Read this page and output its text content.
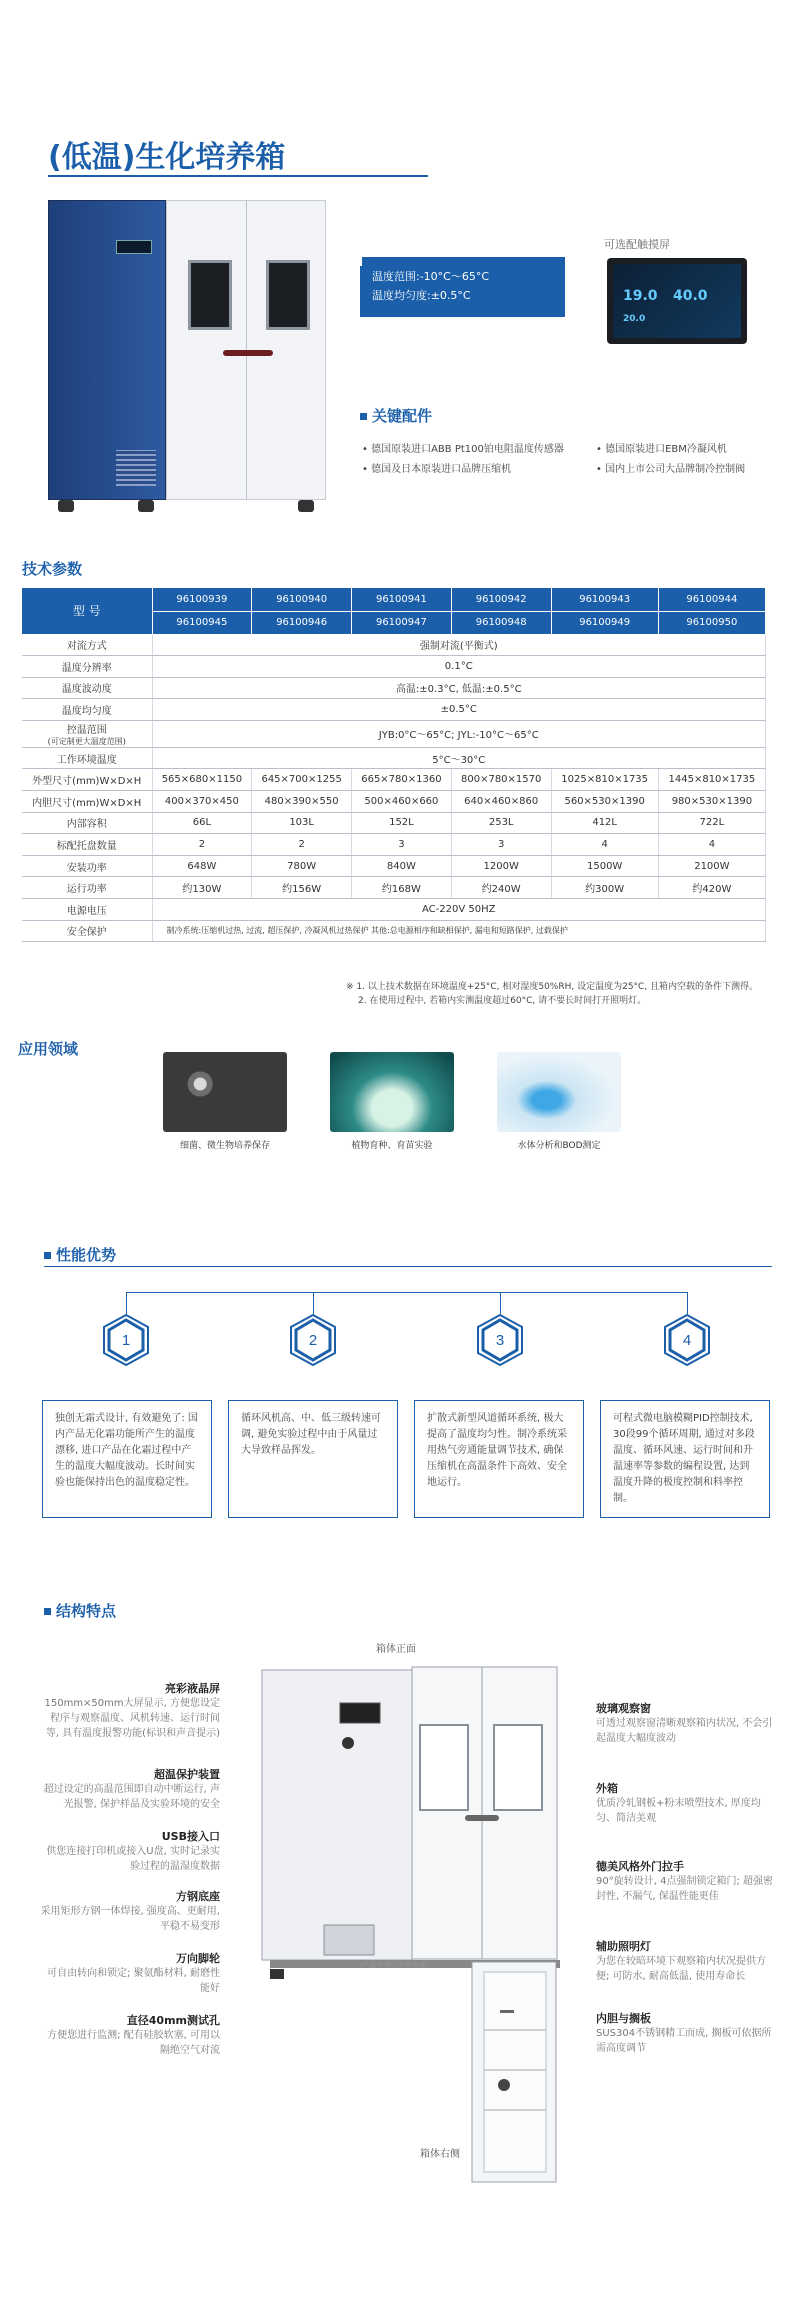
(低温)生化培养箱
温度范围:-10°C～65°C
温度均匀度:±0.5°C
可选配触摸屏
19.0 40.0
20.0
关键配件
• 德国原装进口ABB Pt100铂电阻温度传感器	• 德国原装进口EBM冷凝风机
• 德国及日本原装进口品牌压缩机	• 国内上市公司大品牌制冷控制阀
技术参数
型 号	96100939	96100940	96100941	96100942	96100943	96100944
	96100945	96100946	96100947	96100948	96100949	96100950
对流方式	强制对流(平衡式)					
温度分辨率	0.1°C					
温度波动度	高温:±0.3°C, 低温:±0.5°C					
温度均匀度	±0.5°C					
控温范围
(可定制更大温度范围)	JYB:0°C～65°C; JYL:-10°C～65°C					
工作环境温度	5°C～30°C					
外型尺寸(mm)W×D×H	565×680×1150	645×700×1255	665×780×1360	800×780×1570	1025×810×1735	1445×810×1735
内胆尺寸(mm)W×D×H	400×370×450	480×390×550	500×460×660	640×460×860	560×530×1390	980×530×1390
内部容积	66L	103L	152L	253L	412L	722L
标配托盘数量	2	2	3	3	4	4
安装功率	648W	780W	840W	1200W	1500W	2100W
运行功率	约130W	约156W	约168W	约240W	约300W	约420W
电源电压	AC-220V 50HZ					
安全保护	制冷系统:压缩机过热, 过流, 超压保护, 冷凝风机过热保护 其他:总电源相序和缺相保护, 漏电和短路保护, 过载保护					
※ 1. 以上技术数据在环境温度+25°C, 相对湿度50%RH, 设定温度为25°C, 且箱内空载的条件下测得。
2. 在使用过程中, 若箱内实测温度超过60°C, 请不要长时间打开照明灯。
应用领域
细菌、微生物培养保存	植物育种、育苗实验	水体分析和BOD测定
性能优势
1
独创无霜式设计, 有效避免了: 国内产品无化霜功能所产生的温度漂移, 进口产品在化霜过程中产生的温度大幅度波动。长时间实验也能保持出色的温度稳定性。
2
循环风机高、中、低三级转速可调, 避免实验过程中由于风量过大导致样品挥发。
3
扩散式新型风道循环系统, 极大提高了温度均匀性。制冷系统采用热气旁通能量调节技术, 确保压缩机在高温条件下高效、安全地运行。
4
可程式微电脑模糊PID控制技术, 30段99个循环周期, 通过对多段温度、循环风速、运行时间和升温速率等参数的编程设置, 达到温度升降的极度控制和料率控制。
结构特点
箱体正面
(产品外观以实物为准)
箱体右侧
亮彩液晶屏
150mm×50mm大屏显示, 方便您设定程序与观察温度、风机转速、运行时间等, 具有温度报警功能(标识和声音提示)
超温保护装置
超过设定的高温范围即自动中断运行, 声光报警, 保护样品及实验环境的安全
USB接入口
供您连接打印机或接入U盘, 实时记录实验过程的温湿度数据
方钢底座
采用矩形方钢一体焊接, 强度高、更耐用, 平稳不易变形
万向脚轮
可自由转向和锁定; 聚氨酯材料, 耐磨性能好
直径40mm测试孔
方便您进行监测; 配有硅胶软塞, 可用以隔绝空气对流
玻璃观察窗
可透过观察窗清晰观察箱内状况, 不会引起温度大幅度波动
外箱
优质冷轧钢板+粉末喷塑技术, 厚度均匀、简洁美观
德美风格外门拉手
90°旋转设计, 4点强制锁定箱门; 超强密封性, 不漏气, 保温性能更佳
辅助照明灯
为您在较暗环境下观察箱内状况提供方便; 可防水, 耐高低温, 使用寿命长
内胆与搁板
SUS304不锈钢精工而成, 搁板可依据所需高度调节
